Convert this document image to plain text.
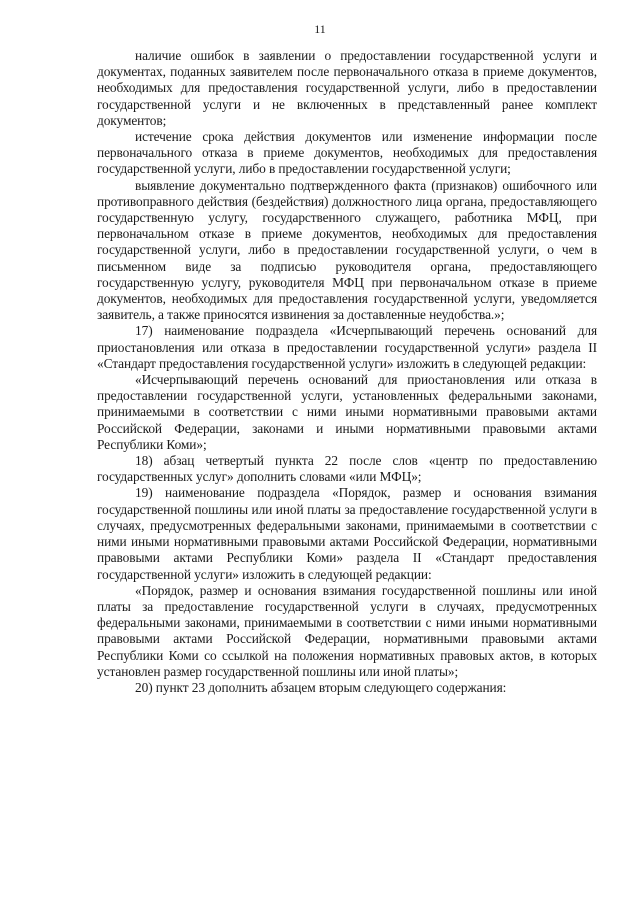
11

наличие ошибок в заявлении о предоставлении государственной услуги и документах, поданных заявителем после первоначального отказа в приеме документов, необходимых для предоставления государственной услуги, либо в предоставлении государственной услуги и не включенных в представленный ранее комплект документов;

истечение срока действия документов или изменение информации после первоначального отказа в приеме документов, необходимых для предоставления государственной услуги, либо в предоставлении государственной услуги;

выявление документально подтвержденного факта (признаков) ошибочного или противоправного действия (бездействия) должностного лица органа, предоставляющего государственную услугу, государственного служащего, работника МФЦ, при первоначальном отказе в приеме документов, необходимых для предоставления государственной услуги, либо в предоставлении государственной услуги, о чем в письменном виде за подписью руководителя органа, предоставляющего государственную услугу, руководителя МФЦ при первоначальном отказе в приеме документов, необходимых для предоставления государственной услуги, уведомляется заявитель, а также приносятся извинения за доставленные неудобства.»;

17) наименование подраздела «Исчерпывающий перечень оснований для приостановления или отказа в предоставлении государственной услуги» раздела II «Стандарт предоставления государственной услуги» изложить в следующей редакции:

«Исчерпывающий перечень оснований для приостановления или отказа в предоставлении государственной услуги, установленных федеральными законами, принимаемыми в соответствии с ними иными нормативными правовыми актами Российской Федерации, законами и иными нормативными правовыми актами Республики Коми»;

18) абзац четвертый пункта 22 после слов «центр по предоставлению государственных услуг» дополнить словами «или МФЦ»;

19) наименование подраздела «Порядок, размер и основания взимания государственной пошлины или иной платы за предоставление государственной услуги в случаях, предусмотренных федеральными законами, принимаемыми в соответствии с ними иными нормативными правовыми актами Российской Федерации, нормативными правовыми актами Республики Коми» раздела II «Стандарт предоставления государственной услуги» изложить в следующей редакции:

«Порядок, размер и основания взимания государственной пошлины или иной платы за предоставление государственной услуги в случаях, предусмотренных федеральными законами, принимаемыми в соответствии с ними иными нормативными правовыми актами Российской Федерации, нормативными правовыми актами Республики Коми со ссылкой на положения нормативных правовых актов, в которых установлен размер государственной пошлины или иной платы»;

20) пункт 23 дополнить абзацем вторым следующего содержания:
